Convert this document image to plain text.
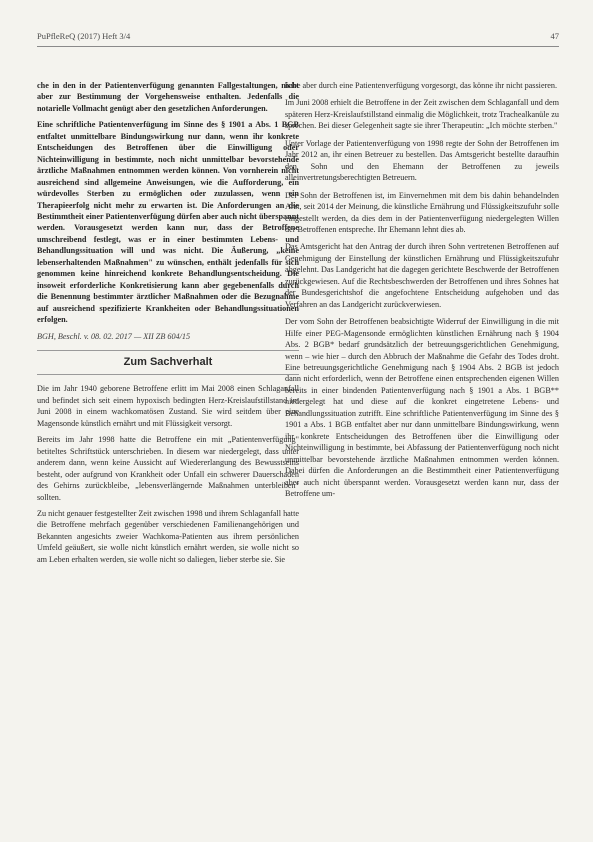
PuPfleReQ (2017) Heft 3/4	47

che in den in der Patientenverfügung genannten Fallgestaltungen, nicht aber zur Bestimmung der Vorgehensweise enthalten. Jedenfalls die notarielle Vollmacht genügt aber den gesetzlichen Anforderungen.

Eine schriftliche Patientenverfügung im Sinne des § 1901 a Abs. 1 BGB entfaltet unmittelbare Bindungswirkung nur dann, wenn ihr konkrete Entscheidungen des Betroffenen über die Einwilligung oder Nichteinwilligung in bestimmte, noch nicht unmittelbar bevorstehende ärztliche Maßnahmen entnommen werden können. Von vornherein nicht ausreichend sind allgemeine Anweisungen, wie die Aufforderung, ein würdevolles Sterben zu ermöglichen oder zuzulassen, wenn ein Therapieerfolg nicht mehr zu erwarten ist. Die Anforderungen an die Bestimmtheit einer Patientenverfügung dürfen aber auch nicht überspannt werden. Vorausgesetzt werden kann nur, dass der Betroffene umschreibend festlegt, was er in einer bestimmten Lebens- und Behandlungssituation will und was nicht. Die Äußerung, „keine lebenserhaltenden Maßnahmen" zu wünschen, enthält jedenfalls für sich genommen keine hinreichend konkrete Behandlungsentscheidung. Die insoweit erforderliche Konkretisierung kann aber gegebenenfalls durch die Benennung bestimmter ärztlicher Maßnahmen oder die Bezugnahme auf ausreichend spezifizierte Krankheiten oder Behandlungssituationen erfolgen.

BGH, Beschl. v. 08. 02. 2017 — XII ZB 604/15

Zum Sachverhalt

Die im Jahr 1940 geborene Betroffene erlitt im Mai 2008 einen Schlaganfall und befindet sich seit einem hypoxisch bedingten Herz-Kreislaufstillstand im Juni 2008 in einem wachkomatösen Zustand. Sie wird seitdem über eine Magensonde künstlich ernährt und mit Flüssigkeit versorgt.

Bereits im Jahr 1998 hatte die Betroffene ein mit „Patientenverfügung" betiteltes Schriftstück unterschrieben. In diesem war niedergelegt, dass unter anderem dann, wenn keine Aussicht auf Wiedererlangung des Bewusstseins besteht, oder aufgrund von Krankheit oder Unfall ein schwerer Dauerschaden des Gehirns zurückbleibe, „lebensverlängernde Maßnahmen unterbleiben" sollten.

Zu nicht genauer festgestellter Zeit zwischen 1998 und ihrem Schlaganfall hatte die Betroffene mehrfach gegenüber verschiedenen Familienangehörigen und Bekannten angesichts zweier Wachkoma-Patienten aus ihrem persönlichen Umfeld geäußert, sie wolle nicht künstlich ernährt werden, sie wolle nicht so am Leben erhalten werden, sie wolle nicht so daliegen, lieber sterbe sie. Sie

habe aber durch eine Patientenverfügung vorgesorgt, das könne ihr nicht passieren.

Im Juni 2008 erhielt die Betroffene in der Zeit zwischen dem Schlaganfall und dem späteren Herz-Kreislaufstillstand einmalig die Möglichkeit, trotz Trachealkanüle zu sprechen. Bei dieser Gelegenheit sagte sie ihrer Therapeutin: „Ich möchte sterben."

Unter Vorlage der Patientenverfügung von 1998 regte der Sohn der Betroffenen im Jahr 2012 an, ihr einen Betreuer zu bestellen. Das Amtsgericht bestellte daraufhin den Sohn und den Ehemann der Betroffenen zu jeweils alleinvertretungsberechtigten Betreuern.

Der Sohn der Betroffenen ist, im Einvernehmen mit dem bis dahin behandelnden Arzt, seit 2014 der Meinung, die künstliche Ernährung und Flüssigkeitszufuhr solle eingestellt werden, da dies dem in der Patientenverfügung niedergelegten Willen der Betroffenen entspreche. Ihr Ehemann lehnt dies ab.

Das Amtsgericht hat den Antrag der durch ihren Sohn vertretenen Betroffenen auf Genehmigung der Einstellung der künstlichen Ernährung und Flüssigkeitszufuhr abgelehnt. Das Landgericht hat die dagegen gerichtete Beschwerde der Betroffenen zurückgewiesen. Auf die Rechtsbeschwerden der Betroffenen und ihres Sohnes hat der Bundesgerichtshof die angefochtene Entscheidung aufgehoben und das Verfahren an das Landgericht zurückverwiesen.

Der vom Sohn der Betroffenen beabsichtigte Widerruf der Einwilligung in die mit Hilfe einer PEG-Magensonde ermöglichten künstlichen Ernährung nach § 1904 Abs. 2 BGB* bedarf grundsätzlich der betreuungsgerichtlichen Genehmigung, wenn – wie hier – durch den Abbruch der Maßnahme die Gefahr des Todes droht. Eine betreuungsgerichtliche Genehmigung nach § 1904 Abs. 2 BGB ist jedoch dann nicht erforderlich, wenn der Betroffene einen entsprechenden eigenen Willen bereits in einer bindenden Patientenverfügung nach § 1901 a Abs. 1 BGB** niedergelegt hat und diese auf die konkret eingetretene Lebens- und Behandlungssituation zutrifft. Eine schriftliche Patientenverfügung im Sinne des § 1901 a Abs. 1 BGB entfaltet aber nur dann unmittelbare Bindungswirkung, wenn ihr konkrete Entscheidungen des Betroffenen über die Einwilligung oder Nichteinwilligung in bestimmte, bei Abfassung der Patientenverfügung noch nicht unmittelbar bevorstehende ärztliche Maßnahmen entnommen werden können. Dabei dürfen die Anforderungen an die Bestimmtheit einer Patientenverfügung aber auch nicht überspannt werden. Vorausgesetzt werden kann nur, dass der Betroffene um-
